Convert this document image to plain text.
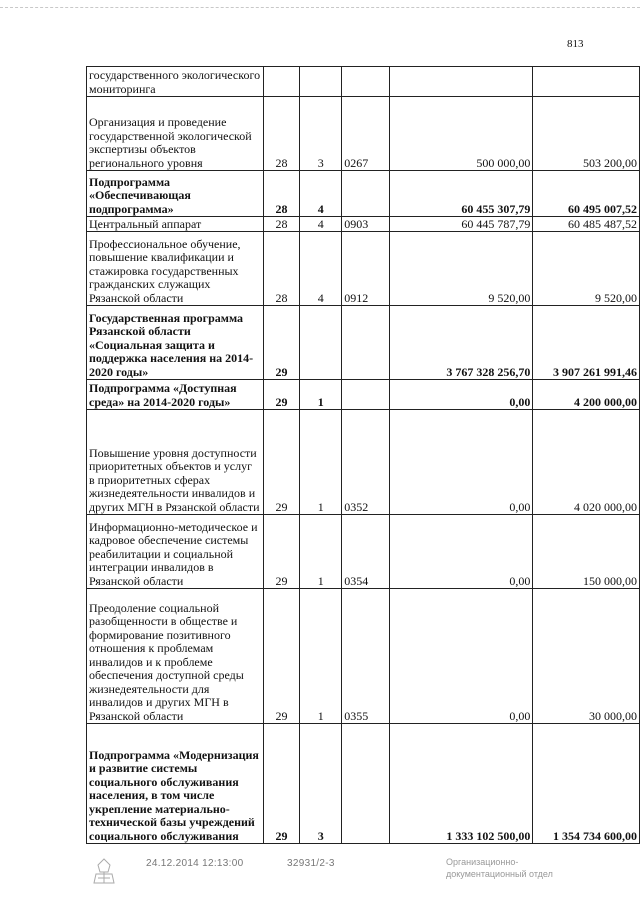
813
государственного экологического мониторинга					
Организация и проведение государственной экологической экспертизы объектов регионального уровня	28	3	0267	500 000,00	503 200,00
Подпрограмма «Обеспечивающая подпрограмма»	28	4		60 455 307,79	60 495 007,52
Центральный аппарат	28	4	0903	60 445 787,79	60 485 487,52
Профессиональное обучение, повышение квалификации и стажировка государственных гражданских служащих Рязанской области	28	4	0912	9 520,00	9 520,00
Государственная программа Рязанской области «Социальная защита и поддержка населения на 2014-2020 годы»	29			3 767 328 256,70	3 907 261 991,46
Подпрограмма «Доступная среда» на 2014-2020 годы»	29	1		0,00	4 200 000,00
Повышение уровня доступности приоритетных объектов и услуг в приоритетных сферах жизнедеятельности инвалидов и других МГН в Рязанской области	29	1	0352	0,00	4 020 000,00
Информационно-методическое и кадровое обеспечение системы реабилитации и социальной интеграции инвалидов в Рязанской области	29	1	0354	0,00	150 000,00
Преодоление социальной разобщенности в обществе и формирование позитивного отношения к проблемам инвалидов и к проблеме обеспечения доступной среды жизнедеятельности для инвалидов и других МГН в Рязанской области	29	1	0355	0,00	30 000,00
Подпрограмма «Модернизация и развитие системы социального обслуживания населения, в том числе укрепление материально-технической базы учреждений социального обслуживания	29	3		1 333 102 500,00	1 354 734 600,00
24.12.2014 12:13:00	32931/2-3	Организационно-
документационный отдел
